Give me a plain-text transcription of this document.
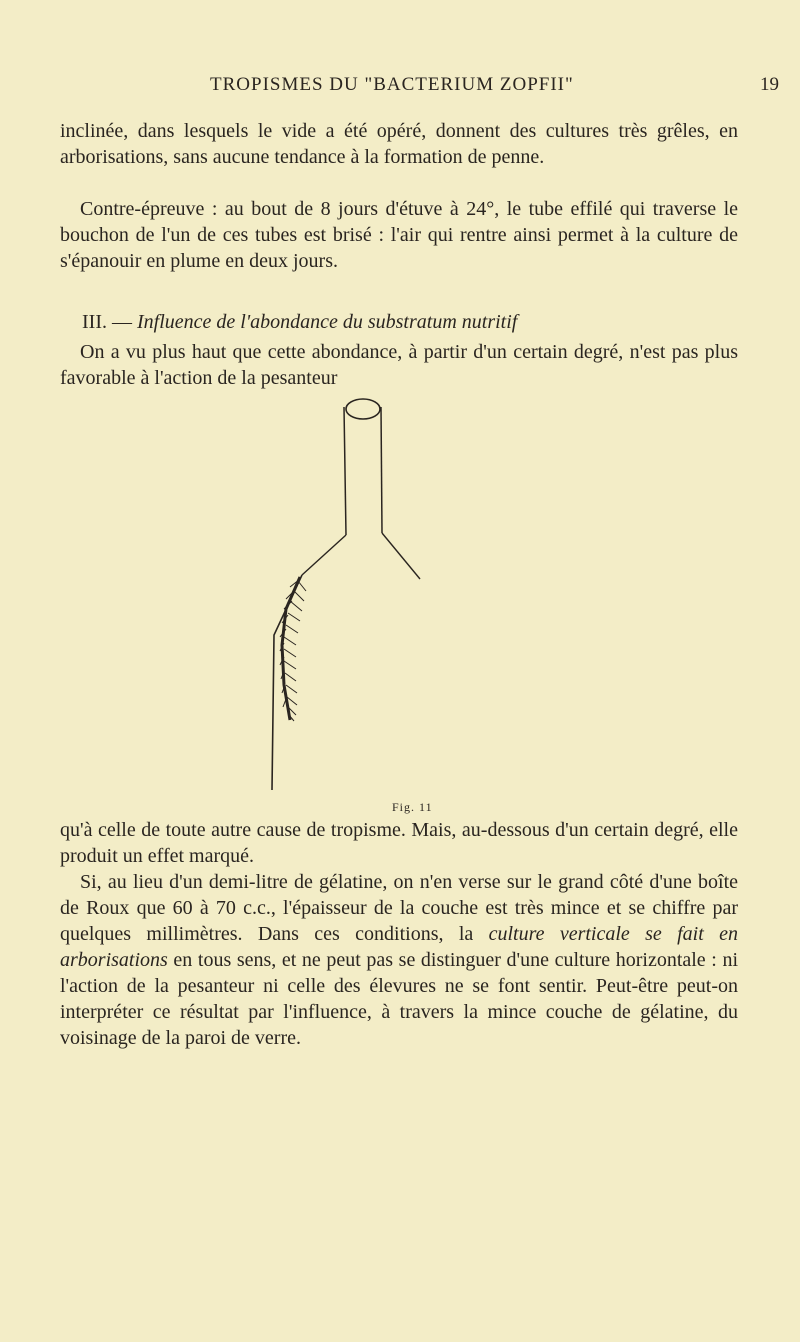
TROPISMES DU "BACTERIUM ZOPFII"	19

inclinée, dans lesquels le vide a été opéré, donnent des cultures très grêles, en arborisations, sans aucune tendance à la formation de penne.

Contre-épreuve : au bout de 8 jours d'étuve à 24°, le tube effilé qui traverse le bouchon de l'un de ces tubes est brisé : l'air qui rentre ainsi permet à la culture de s'épanouir en plume en deux jours.

III. — Influence de l'abondance du substratum nutritif

On a vu plus haut que cette abondance, à partir d'un certain degré, n'est pas plus favorable à l'action de la pesanteur

Fig. 11

qu'à celle de toute autre cause de tropisme. Mais, au-dessous d'un certain degré, elle produit un effet marqué.

Si, au lieu d'un demi-litre de gélatine, on n'en verse sur le grand côté d'une boîte de Roux que 60 à 70 c.c., l'épaisseur de la couche est très mince et se chiffre par quelques millimètres. Dans ces conditions, la culture verticale se fait en arborisations en tous sens, et ne peut pas se distinguer d'une culture horizontale : ni l'action de la pesanteur ni celle des élevures ne se font sentir. Peut-être peut-on interpréter ce résultat par l'influence, à travers la mince couche de gélatine, du voisinage de la paroi de verre.
